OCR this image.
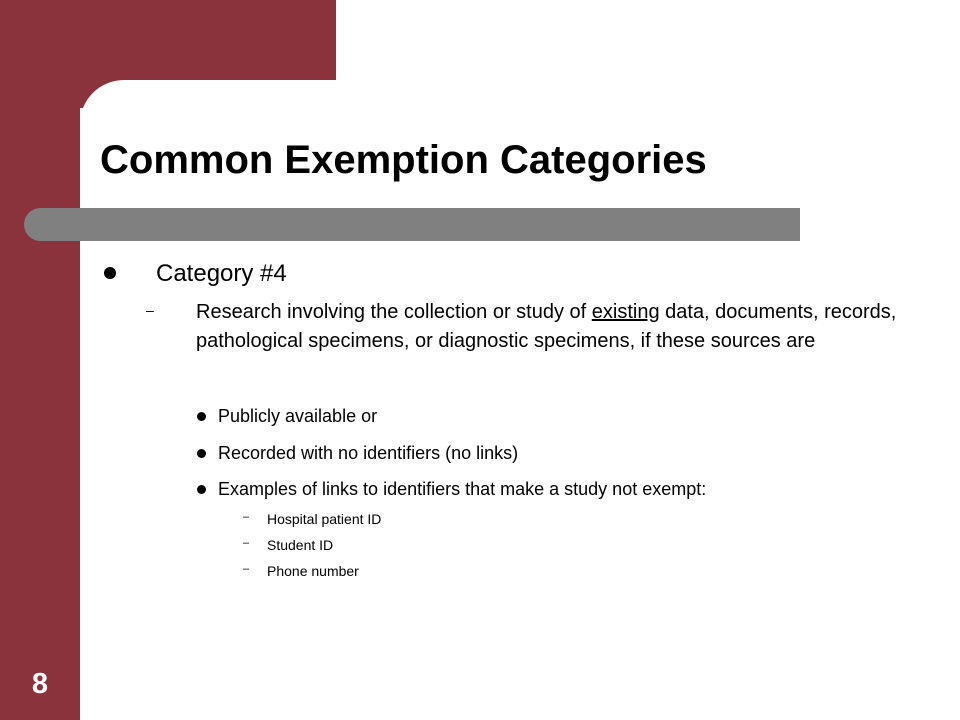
Common Exemption Categories
8
Category #4
– Research involving the collection or study of existing data, documents, records, pathological specimens, or diagnostic specimens, if these sources are
Publicly available or
Recorded with no identifiers (no links)
Examples of links to identifiers that make a study not exempt:
– Hospital patient ID
– Student ID
– Phone number
